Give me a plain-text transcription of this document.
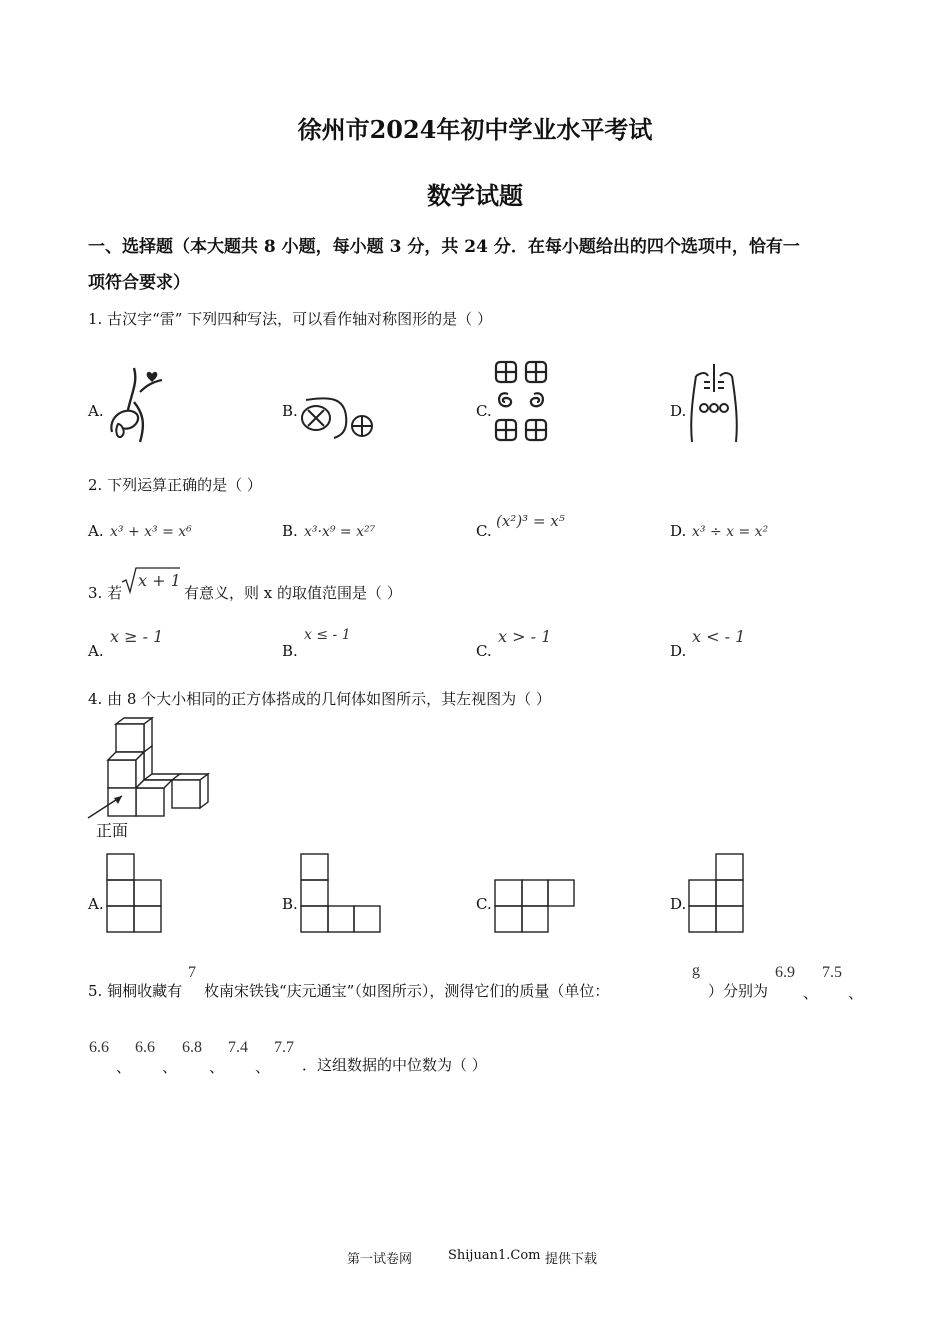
徐州市2024年初中学业水平考试
数学试题
一、选择题（本大题共 8 小题，每小题 3 分，共 24 分．在每小题给出的四个选项中，恰有一
项符合要求）
1. 古汉字“雷” 下列四种写法，可以看作轴对称图形的是（ ）
A.	B.	C.	D.
2. 下列运算正确的是（ ）
A. x³ + x³ = x⁶	B. x³·x⁹ = x²⁷	C.
(x²)³ = x⁵
D. x³ ÷ x = x²
3. 若
x + 1
有意义，则 x 的取值范围是（ ）
A.
x ≥ - 1
B.
x ≤ - 1
C.
x > - 1
D.
x < - 1
4. 由 8 个大小相同的正方体搭成的几何体如图所示，其左视图为（ ）
正面
A.	B.	C.	D.
5. 铜桐收藏有
7
枚南宋铁钱“庆元通宝”（如图所示），测得它们的质量（单位：
g
）分别为
6.9
、
7.5
、
6.6
、
6.6
、
6.8
、
7.4
、
7.7
．这组数据的中位数为（ ）
第一试卷网	Shijuan1.Com 提供下载
